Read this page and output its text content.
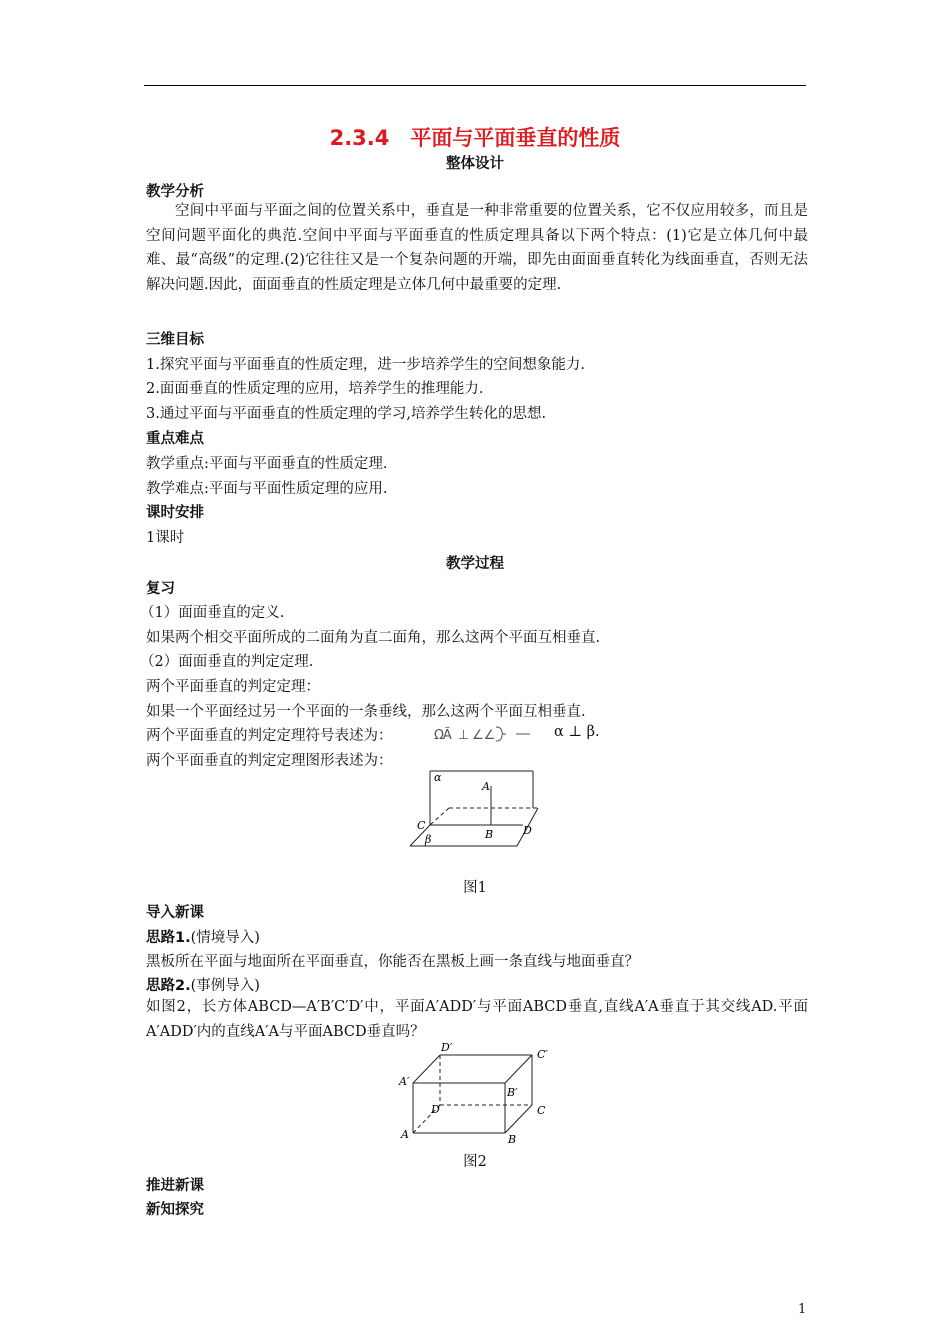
2.3.4　平面与平面垂直的性质
整体设计
教学分析
空间中平面与平面之间的位置关系中，垂直是一种非常重要的位置关系，它不仅应用较多，而且是空间问题平面化的典范.空间中平面与平面垂直的性质定理具备以下两个特点：(1)它是立体几何中最难、最“高级”的定理.(2)它往往又是一个复杂问题的开端，即先由面面垂直转化为线面垂直，否则无法解决问题.因此，面面垂直的性质定理是立体几何中最重要的定理.
三维目标
1.探究平面与平面垂直的性质定理，进一步培养学生的空间想象能力.
2.面面垂直的性质定理的应用，培养学生的推理能力.
3.通过平面与平面垂直的性质定理的学习,培养学生转化的思想.
重点难点
教学重点:平面与平面垂直的性质定理.
教学难点:平面与平面性质定理的应用.
课时安排
1课时
教学过程
复习
（1）面面垂直的定义.
如果两个相交平面所成的二面角为直二面角，那么这两个平面互相垂直.
（2）面面垂直的判定定理.
两个平面垂直的判定定理：
如果一个平面经过另一个平面的一条垂线，那么这两个平面互相垂直.
两个平面垂直的判定定理符号表述为：	ΩÃ ⊥ ∠∠	α ⊥ β.
两个平面垂直的判定定理图形表述为：
α
A
B
C	D
β
图1
导入新课
思路1.(情境导入)
黑板所在平面与地面所在平面垂直，你能否在黑板上画一条直线与地面垂直？
思路2.(事例导入)
如图2，长方体ABCD—A′B′C′D′中，平面A′ADD′与平面ABCD垂直,直线A′A垂直于其交线AD.平面A′ADD′内的直线A′A与平面ABCD垂直吗？
D′
C′
A′
B′
D	C
A	B
图2
推进新课
新知探究
1
